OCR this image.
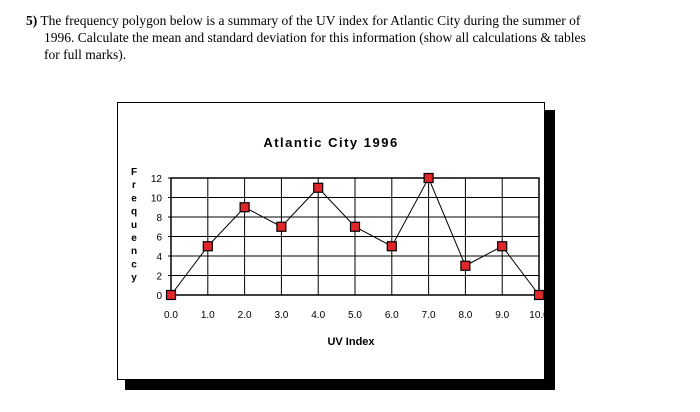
5) The frequency polygon below is a summary of the UV index for Atlantic City during the summer of
1996. Calculate the mean and standard deviation for this information (show all calculations & tables
for full marks).
Atlantic City 1996
UV Index
F
r
e
q
u
e
n
c
y
0
2
4
6
8
10
12
0.0 1.0 2.0 3.0 4.0 5.0 6.0 7.0 8.0 9.0 10.0
